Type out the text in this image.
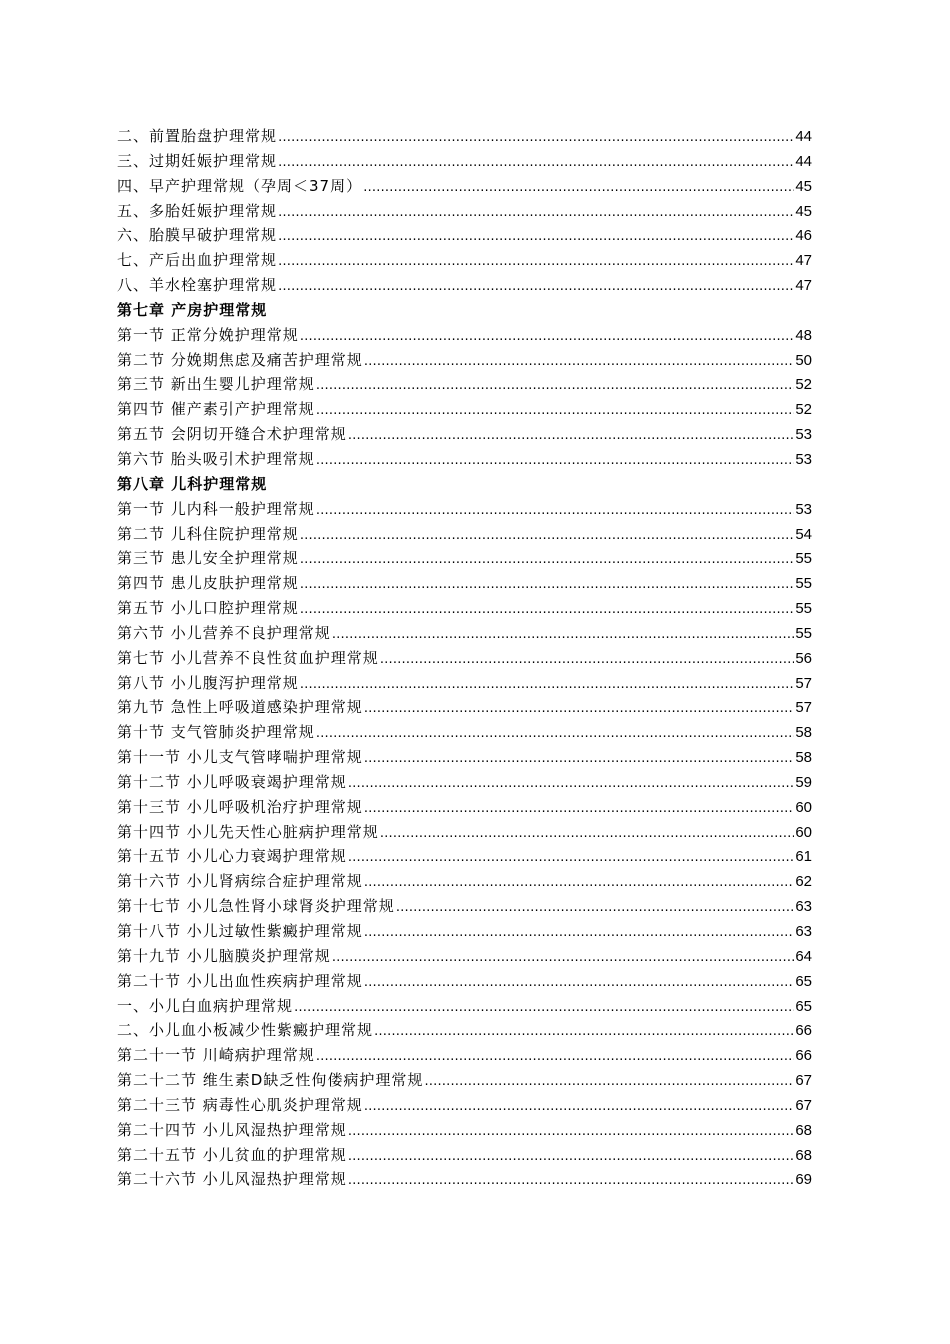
二、前置胎盘护理常规 …………………………………………………………………………………………………………………………………………………………………………………………………………………………………	44
三、过期妊娠护理常规 …………………………………………………………………………………………………………………………………………………………………………………………………………………………………	44
四、早产护理常规（孕周＜37周） …………………………………………………………………………………………………………………………………………………………………………………………………………………………………	45
五、多胎妊娠护理常规 …………………………………………………………………………………………………………………………………………………………………………………………………………………………………	45
六、胎膜早破护理常规 …………………………………………………………………………………………………………………………………………………………………………………………………………………………………	46
七、产后出血护理常规 …………………………………………………………………………………………………………………………………………………………………………………………………………………………………	47
八、羊水栓塞护理常规 …………………………………………………………………………………………………………………………………………………………………………………………………………………………………	47
第七章 产房护理常规
第一节 正常分娩护理常规 …………………………………………………………………………………………………………………………………………………………………………………………………………………………………	48
第二节 分娩期焦虑及痛苦护理常规 …………………………………………………………………………………………………………………………………………………………………………………………………………………………………	50
第三节 新出生婴儿护理常规 …………………………………………………………………………………………………………………………………………………………………………………………………………………………………	52
第四节 催产素引产护理常规 …………………………………………………………………………………………………………………………………………………………………………………………………………………………………	52
第五节 会阴切开缝合术护理常规 …………………………………………………………………………………………………………………………………………………………………………………………………………………………………	53
第六节 胎头吸引术护理常规 …………………………………………………………………………………………………………………………………………………………………………………………………………………………………	53
第八章 儿科护理常规
第一节 儿内科一般护理常规 …………………………………………………………………………………………………………………………………………………………………………………………………………………………………	53
第二节 儿科住院护理常规 …………………………………………………………………………………………………………………………………………………………………………………………………………………………………	54
第三节 患儿安全护理常规 …………………………………………………………………………………………………………………………………………………………………………………………………………………………………	55
第四节 患儿皮肤护理常规 …………………………………………………………………………………………………………………………………………………………………………………………………………………………………	55
第五节 小儿口腔护理常规 …………………………………………………………………………………………………………………………………………………………………………………………………………………………………	55
第六节 小儿营养不良护理常规 …………………………………………………………………………………………………………………………………………………………………………………………………………………………………	55
第七节 小儿营养不良性贫血护理常规 …………………………………………………………………………………………………………………………………………………………………………………………………………………………………	56
第八节 小儿腹泻护理常规 …………………………………………………………………………………………………………………………………………………………………………………………………………………………………	57
第九节 急性上呼吸道感染护理常规 …………………………………………………………………………………………………………………………………………………………………………………………………………………………………	57
第十节 支气管肺炎护理常规 …………………………………………………………………………………………………………………………………………………………………………………………………………………………………	58
第十一节 小儿支气管哮喘护理常规 …………………………………………………………………………………………………………………………………………………………………………………………………………………………………	58
第十二节 小儿呼吸衰竭护理常规 …………………………………………………………………………………………………………………………………………………………………………………………………………………………………	59
第十三节 小儿呼吸机治疗护理常规 …………………………………………………………………………………………………………………………………………………………………………………………………………………………………	60
第十四节 小儿先天性心脏病护理常规 …………………………………………………………………………………………………………………………………………………………………………………………………………………………………	60
第十五节 小儿心力衰竭护理常规 …………………………………………………………………………………………………………………………………………………………………………………………………………………………………	61
第十六节 小儿肾病综合症护理常规 …………………………………………………………………………………………………………………………………………………………………………………………………………………………………	62
第十七节 小儿急性肾小球肾炎护理常规 …………………………………………………………………………………………………………………………………………………………………………………………………………………………………	63
第十八节 小儿过敏性紫癜护理常规 …………………………………………………………………………………………………………………………………………………………………………………………………………………………………	63
第十九节 小儿脑膜炎护理常规 …………………………………………………………………………………………………………………………………………………………………………………………………………………………………	64
第二十节 小儿出血性疾病护理常规 …………………………………………………………………………………………………………………………………………………………………………………………………………………………………	65
一、小儿白血病护理常规 …………………………………………………………………………………………………………………………………………………………………………………………………………………………………	65
二、小儿血小板减少性紫癜护理常规 …………………………………………………………………………………………………………………………………………………………………………………………………………………………………	66
第二十一节 川崎病护理常规 …………………………………………………………………………………………………………………………………………………………………………………………………………………………………	66
第二十二节 维生素D缺乏性佝偻病护理常规 …………………………………………………………………………………………………………………………………………………………………………………………………………………………………	67
第二十三节 病毒性心肌炎护理常规 …………………………………………………………………………………………………………………………………………………………………………………………………………………………………	67
第二十四节 小儿风湿热护理常规 …………………………………………………………………………………………………………………………………………………………………………………………………………………………………	68
第二十五节 小儿贫血的护理常规 …………………………………………………………………………………………………………………………………………………………………………………………………………………………………	68
第二十六节 小儿风湿热护理常规 …………………………………………………………………………………………………………………………………………………………………………………………………………………………………	69
